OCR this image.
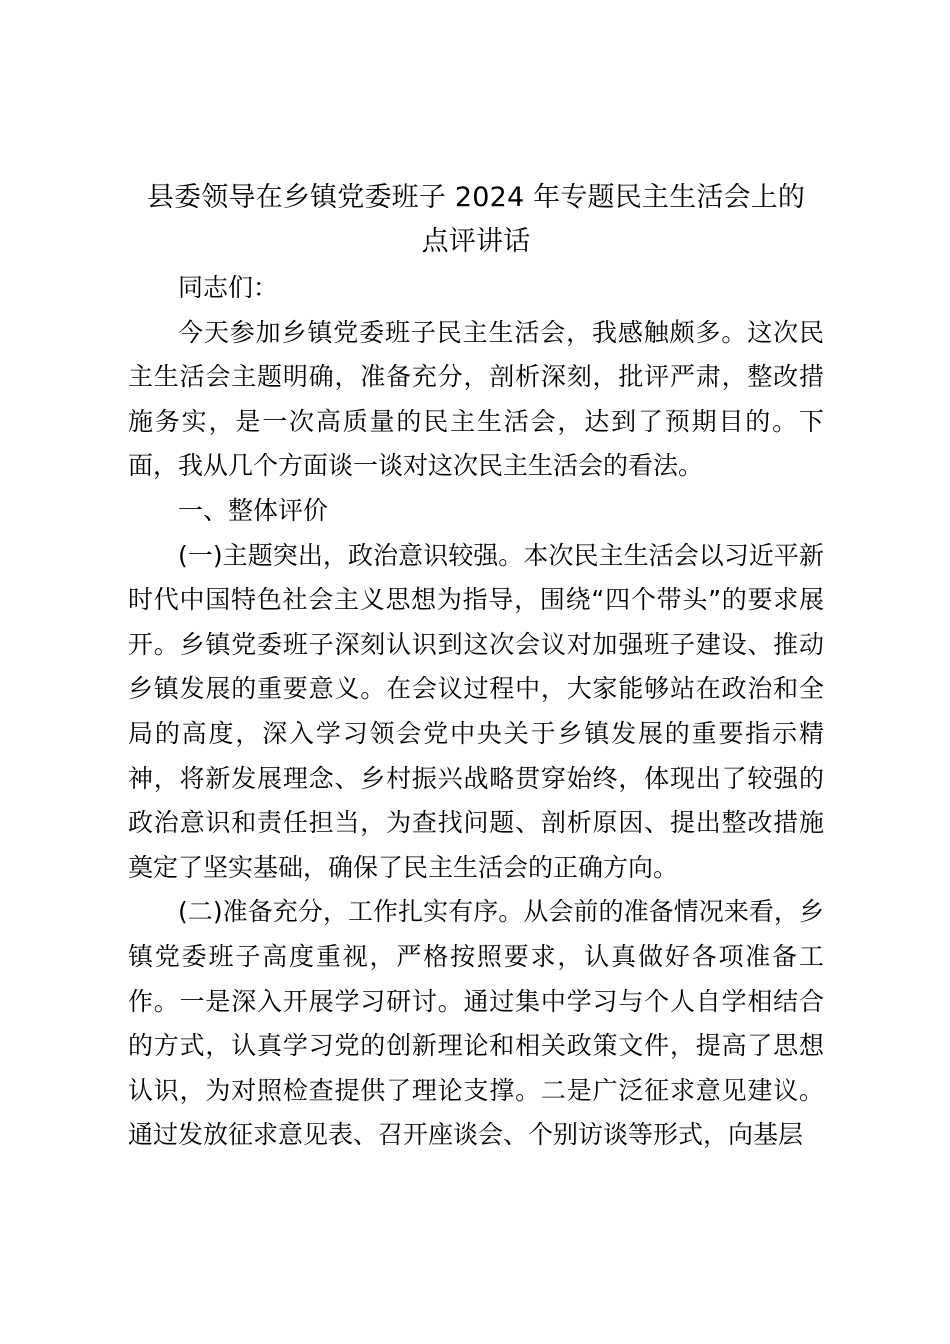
县委领导在乡镇党委班子 2024 年专题民主生活会上的
点评讲话

同志们：

今天参加乡镇党委班子民主生活会，我感触颇多。这次民主生活会主题明确，准备充分，剖析深刻，批评严肃，整改措施务实，是一次高质量的民主生活会，达到了预期目的。下面，我从几个方面谈一谈对这次民主生活会的看法。

一、整体评价

(一)主题突出，政治意识较强。本次民主生活会以习近平新时代中国特色社会主义思想为指导，围绕“四个带头”的要求展开。乡镇党委班子深刻认识到这次会议对加强班子建设、推动乡镇发展的重要意义。在会议过程中，大家能够站在政治和全局的高度，深入学习领会党中央关于乡镇发展的重要指示精神，将新发展理念、乡村振兴战略贯穿始终，体现出了较强的政治意识和责任担当，为查找问题、剖析原因、提出整改措施奠定了坚实基础，确保了民主生活会的正确方向。

(二)准备充分，工作扎实有序。从会前的准备情况来看，乡镇党委班子高度重视，严格按照要求，认真做好各项准备工作。一是深入开展学习研讨。通过集中学习与个人自学相结合的方式，认真学习党的创新理论和相关政策文件，提高了思想认识，为对照检查提供了理论支撑。二是广泛征求意见建议。通过发放征求意见表、召开座谈会、个别访谈等形式，向基层
